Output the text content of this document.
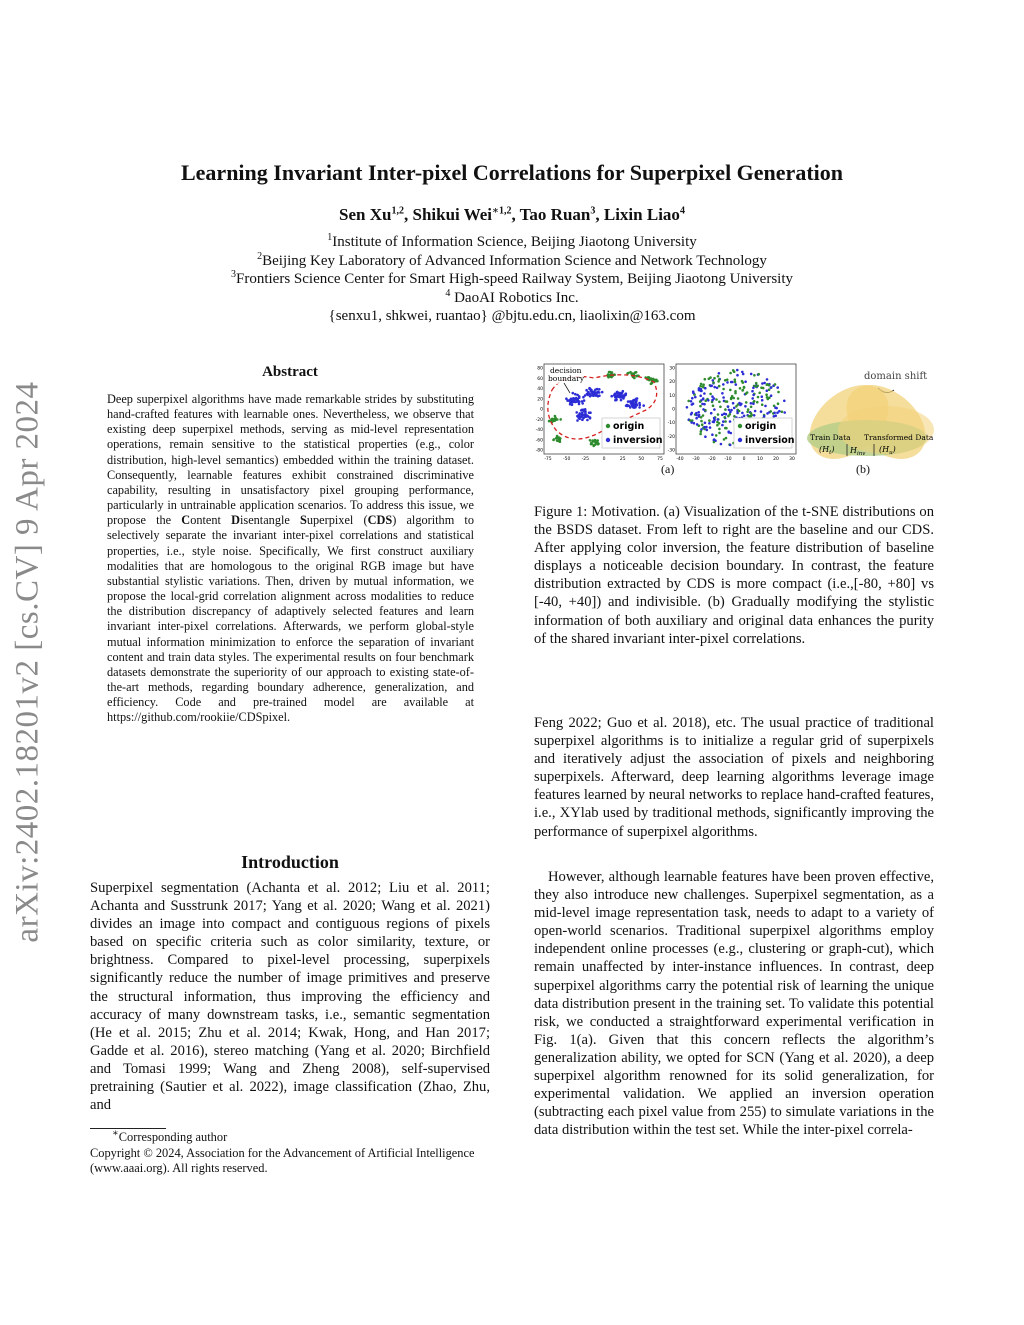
arXiv:2402.18201v2 [cs.CV] 9 Apr 2024
Learning Invariant Inter-pixel Correlations for Superpixel Generation
Sen Xu$^{1,2}$, Shikui Wei$^{∗1,2}$, Tao Ruan$^3$, Lixin Liao$^4$
$^1$Institute of Information Science, Beijing Jiaotong University
$^2$Beijing Key Laboratory of Advanced Information Science and Network Technology
$^3$Frontiers Science Center for Smart High-speed Railway System, Beijing Jiaotong University
$^4$ DaoAI Robotics Inc.
{senxu1, shkwei, ruantao} @bjtu.edu.cn, liaolixin@163.com
Abstract
Deep superpixel algorithms have made remarkable strides by substituting hand-crafted features with learnable ones. Nevertheless, we observe that existing deep superpixel methods, serving as mid-level representation operations, remain sensitive to the statistical properties (e.g., color distribution, high-level semantics) embedded within the training dataset. Consequently, learnable features exhibit constrained discriminative capability, resulting in unsatisfactory pixel grouping performance, particularly in untrainable application scenarios. To address this issue, we propose the Content Disentangle Superpixel (CDS) algorithm to selectively separate the invariant inter-pixel correlations and statistical properties, i.e., style noise. Specifically, We first construct auxiliary modalities that are homologous to the original RGB image but have substantial stylistic variations. Then, driven by mutual information, we propose the local-grid correlation alignment across modalities to reduce the distribution discrepancy of adaptively selected features and learn invariant inter-pixel correlations. Afterwards, we perform global-style mutual information minimization to enforce the separation of invariant content and train data styles. The experimental results on four benchmark datasets demonstrate the superiority of our approach to existing state-of-the-art methods, regarding boundary adherence, generalization, and efficiency. Code and pre-trained model are available at https://github.com/rookiie/CDSpixel.
Introduction

Superpixel segmentation (Achanta et al. 2012; Liu et al. 2011; Achanta and Susstrunk 2017; Yang et al. 2020; Wang et al. 2021) divides an image into compact and contiguous regions of pixels based on specific criteria such as color similarity, texture, or brightness. Compared to pixel-level processing, superpixels significantly reduce the number of image primitives and preserve the structural information, thus improving the efficiency and accuracy of many downstream tasks, i.e., semantic segmentation (He et al. 2015; Zhu et al. 2014; Kwak, Hong, and Han 2017; Gadde et al. 2016), stereo matching (Yang et al. 2020; Birchfield and Tomasi 1999; Wang and Zheng 2008), self-supervised pretraining (Sautier et al. 2022), image classification (Zhao, Zhu, and

∗Corresponding author
Copyright © 2024, Association for the Advancement of Artificial Intelligence (www.aaai.org). All rights reserved.
decision
boundary
origin
inversion
-75	-50 -25	0	25	50	75
80
60
40
20
0
-20
-40
-60
-80
origin
inversion
-40 -30 -20 -10 0	10 20 30
30
20
10
0
-10
-20
-30
domain shift
Train Data
$(H_t)$
Transformed Data
$(H_u)$
$H_{inv}$
(a)	(b)

Figure 1: Motivation. (a) Visualization of the t-SNE distributions on the BSDS dataset. From left to right are the baseline and our CDS. After applying color inversion, the feature distribution of baseline displays a noticeable decision boundary. In contrast, the feature distribution extracted by CDS is more compact (i.e.,[-80, +80] vs [-40, +40]) and indivisible. (b) Gradually modifying the stylistic information of both auxiliary and original data enhances the purity of the shared invariant inter-pixel correlations.

Feng 2022; Guo et al. 2018), etc. The usual practice of traditional superpixel algorithms is to initialize a regular grid of superpixels and iteratively adjust the association of pixels and neighboring superpixels. Afterward, deep learning algorithms leverage image features learned by neural networks to replace hand-crafted features, i.e., XYlab used by traditional methods, significantly improving the performance of superpixel algorithms.

However, although learnable features have been proven effective, they also introduce new challenges. Superpixel segmentation, as a mid-level image representation task, needs to adapt to a variety of open-world scenarios. Traditional superpixel algorithms employ independent online processes (e.g., clustering or graph-cut), which remain unaffected by inter-instance influences. In contrast, deep superpixel algorithms carry the potential risk of learning the unique data distribution present in the training set. To validate this potential risk, we conducted a straightforward experimental verification in Fig. 1(a). Given that this concern reflects the algorithm’s generalization ability, we opted for SCN (Yang et al. 2020), a deep superpixel algorithm renowned for its solid generalization, for experimental validation. We applied an inversion operation (subtracting each pixel value from 255) to simulate variations in the data distribution within the test set. While the inter-pixel correla-
